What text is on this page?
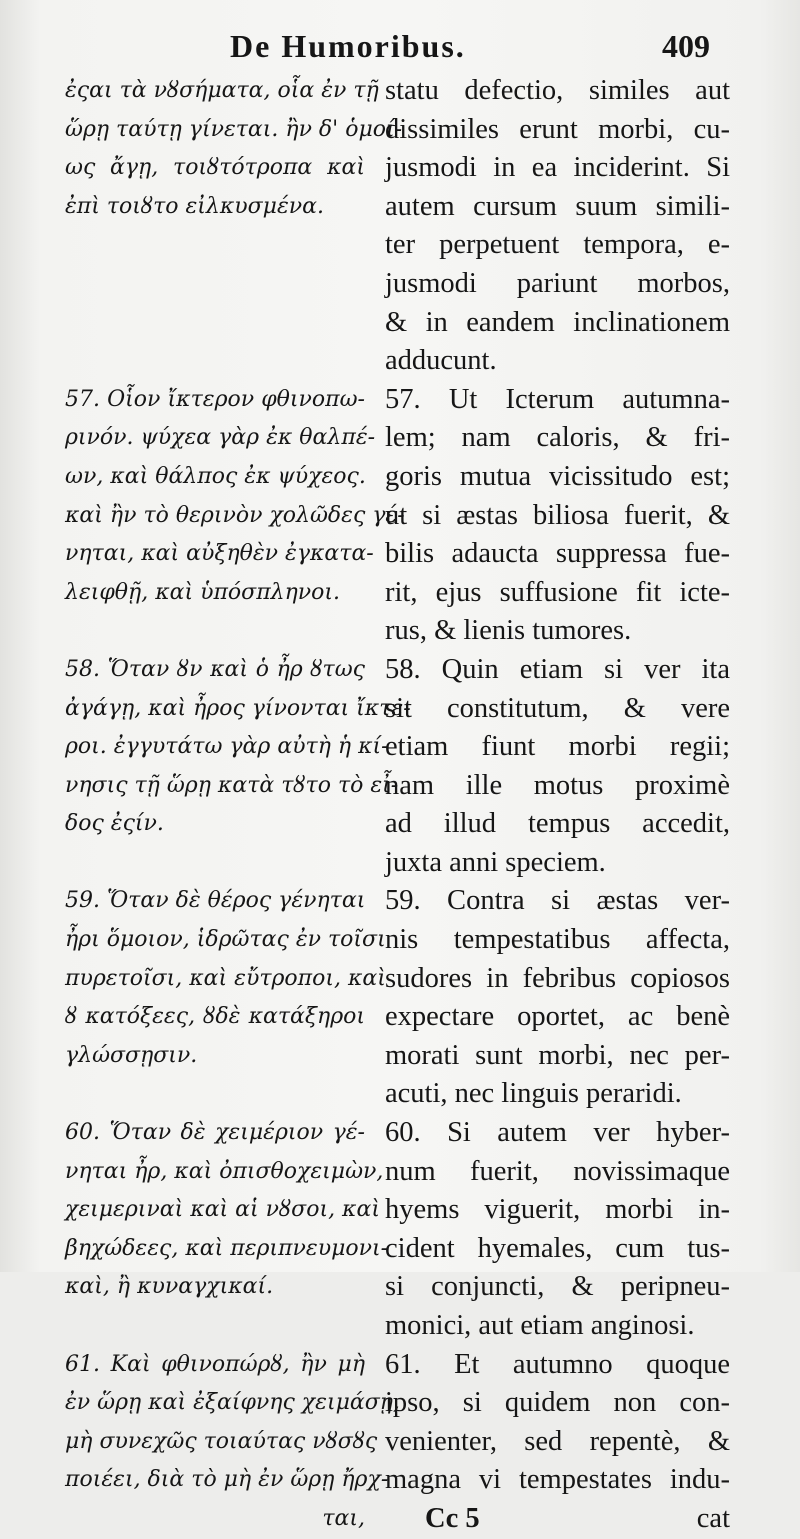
De Humoribus.	409
ἐςαι τὰ νȣσήματα, οἷα ἐν τῇ
ὥρῃ ταύτῃ γίνεται. ἢν δ' ὁμοί-
ως ἄγῃ, τοιȣτότροπα καὶ
ἐπὶ τοιȣτο εἰλκυσμένα.
57. Οἷον ἴκτερον φθινοπω-
ρινόν. ψύχεα γὰρ ἐκ θαλπέ-
ων, καὶ θάλπος ἐκ ψύχεος.
καὶ ἢν τὸ θερινὸν χολῶδες γέ-
νηται, καὶ αὐξηθὲν ἐγκατα-
λειφθῇ, καὶ ὑπόσπληνοι.
58. Ὅταν ȣν καὶ ὁ ἦρ ȣτως
ἀγάγῃ, καὶ ἦρος γίνονται ἴκτε-
ροι. ἐγγυτάτω γὰρ αὐτὴ ἡ κί-
νησις τῇ ὥρῃ κατὰ τȣτο τὸ εἶ-
δος ἐςίν.
59. Ὅταν δὲ θέρος γένηται
ἦρι ὅμοιον, ἱδρῶτας ἐν τοῖσι
πυρετοῖσι, καὶ εὔτροποι, καὶ
ȣ κατόξεες, ȣδὲ κατάξηροι
γλώσσῃσιν.
60. Ὅταν δὲ χειμέριον γέ-
νηται ἦρ, καὶ ὀπισθοχειμὼν,
χειμεριναὶ καὶ αἱ νȣσοι, καὶ
βηχώδεες, καὶ περιπνευμονι-
καὶ, ἢ κυναγχικαί.
61. Καὶ φθινοπώρȣ, ἢν μὴ
ἐν ὥρῃ καὶ ἐξαίφνης χειμάσῃ,
μὴ συνεχῶς τοιαύτας νȣσȣς
ποιέει, διὰ τὸ μὴ ἐν ὥρῃ ἤρχ-
ται,
statu defectio, similes aut
dissimiles erunt morbi, cu-
jusmodi in ea inciderint. Si
autem cursum suum simili-
ter perpetuent tempora, e-
jusmodi pariunt morbos,
& in eandem inclinationem
adducunt.
57. Ut Icterum autumna-
lem; nam caloris, & fri-
goris mutua vicissitudo est;
ut si æstas biliosa fuerit, &
bilis adaucta suppressa fue-
rit, ejus suffusione fit icte-
rus, & lienis tumores.
58. Quin etiam si ver ita
sit constitutum, & vere
etiam fiunt morbi regii;
nam ille motus proximè
ad illud tempus accedit,
juxta anni speciem.
59. Contra si æstas ver-
nis tempestatibus affecta,
sudores in febribus copiosos
expectare oportet, ac benè
morati sunt morbi, nec per-
acuti, nec linguis peraridi.
60. Si autem ver hyber-
num fuerit, novissimaque
hyems viguerit, morbi in-
cident hyemales, cum tus-
si conjuncti, & peripneu-
monici, aut etiam anginosi.
61. Et autumno quoque
ipso, si quidem non con-
venienter, sed repentè, &
magna vi tempestates indu-
Cc 5	cat
